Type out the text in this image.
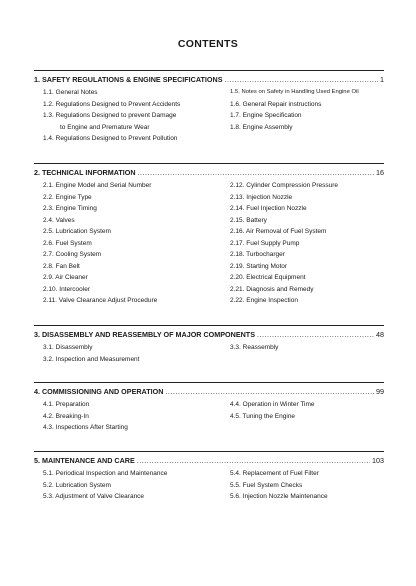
CONTENTS
1. SAFETY REGULATIONS & ENGINE SPECIFICATIONS .....	1
1.1. General Notes
1.2. Regulations Designed to Prevent Accidents
1.3. Regulations Designed to prevent Damage
to Engine and Premature Wear
1.4. Regulations Designed to Prevent Pollution
1.5. Notes on Safety in Handling Used Engine Oil
1.6. General Repair instructions
1.7. Engine Specification
1.8. Engine Assembly
2. TECHNICAL INFORMATION .....	16
2.1. Engine Model and Serial Number
2.2. Engine Type
2.3. Engine Timing
2.4. Valves
2.5. Lubrication System
2.6. Fuel System
2.7. Cooling System
2.8. Fan Belt
2.9. Air Cleaner
2.10. Intercooler
2.11. Valve Clearance Adjust Procedure
2.12. Cylinder Compression Pressure
2.13. Injection Nozzle
2.14. Fuel Injection Nozzle
2.15. Battery
2.16. Air Removal of Fuel System
2.17. Fuel Supply Pump
2.18. Turbocharger
2.19. Starting Motor
2.20. Electrical Equipment
2.21. Diagnosis and Remedy
2.22. Engine Inspection
3. DISASSEMBLY AND REASSEMBLY OF MAJOR COMPONENTS .....	48
3.1. Disassembly
3.2. Inspection and Measurement
3.3. Reassembly
4. COMMISSIONING AND OPERATION .....	99
4.1. Preparation
4.2. Breaking-In
4.3. Inspections After Starting
4.4. Operation in Winter Time
4.5. Tuning the Engine
5. MAINTENANCE AND CARE .....	103
5.1. Periodical Inspection and Maintenance
5.2. Lubrication System
5.3. Adjustment of Valve Clearance
5.4. Replacement of Fuel Filter
5.5. Fuel System Checks
5.6. Injection Nozzle Maintenance
